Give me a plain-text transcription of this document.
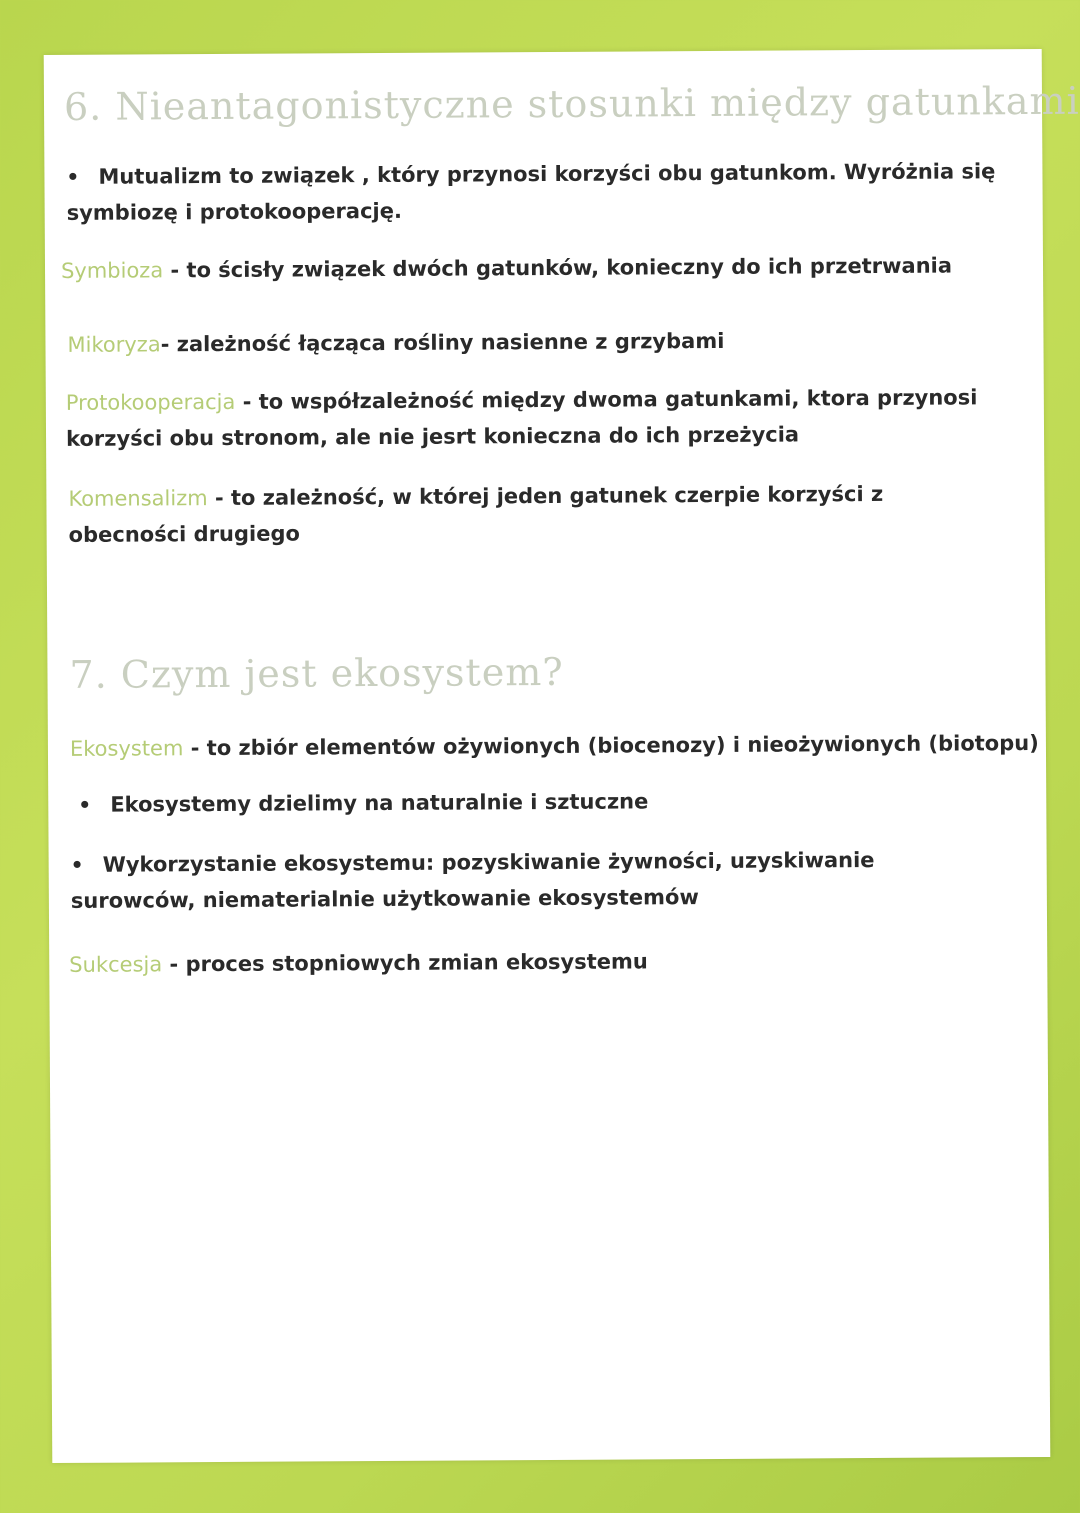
6. Nieantagonistyczne stosunki między gatunkami

• Mutualizm to związek , który przynosi korzyści obu gatunkom. Wyróżnia się symbiozę i protokooperację.

Symbioza - to ścisły związek dwóch gatunków, konieczny do ich przetrwania

Mikoryza- zależność łącząca rośliny nasienne z grzybami

Protokooperacja - to współzależność między dwoma gatunkami, ktora przynosi korzyści obu stronom, ale nie jesrt konieczna do ich przeżycia

Komensalizm - to zależność, w której jeden gatunek czerpie korzyści z obecności drugiego

7. Czym jest ekosystem?

Ekosystem - to zbiór elementów ożywionych (biocenozy) i nieożywionych (biotopu)

• Ekosystemy dzielimy na naturalnie i sztuczne

• Wykorzystanie ekosystemu: pozyskiwanie żywności, uzyskiwanie surowców, niematerialnie użytkowanie ekosystemów

Sukcesja - proces stopniowych zmian ekosystemu
